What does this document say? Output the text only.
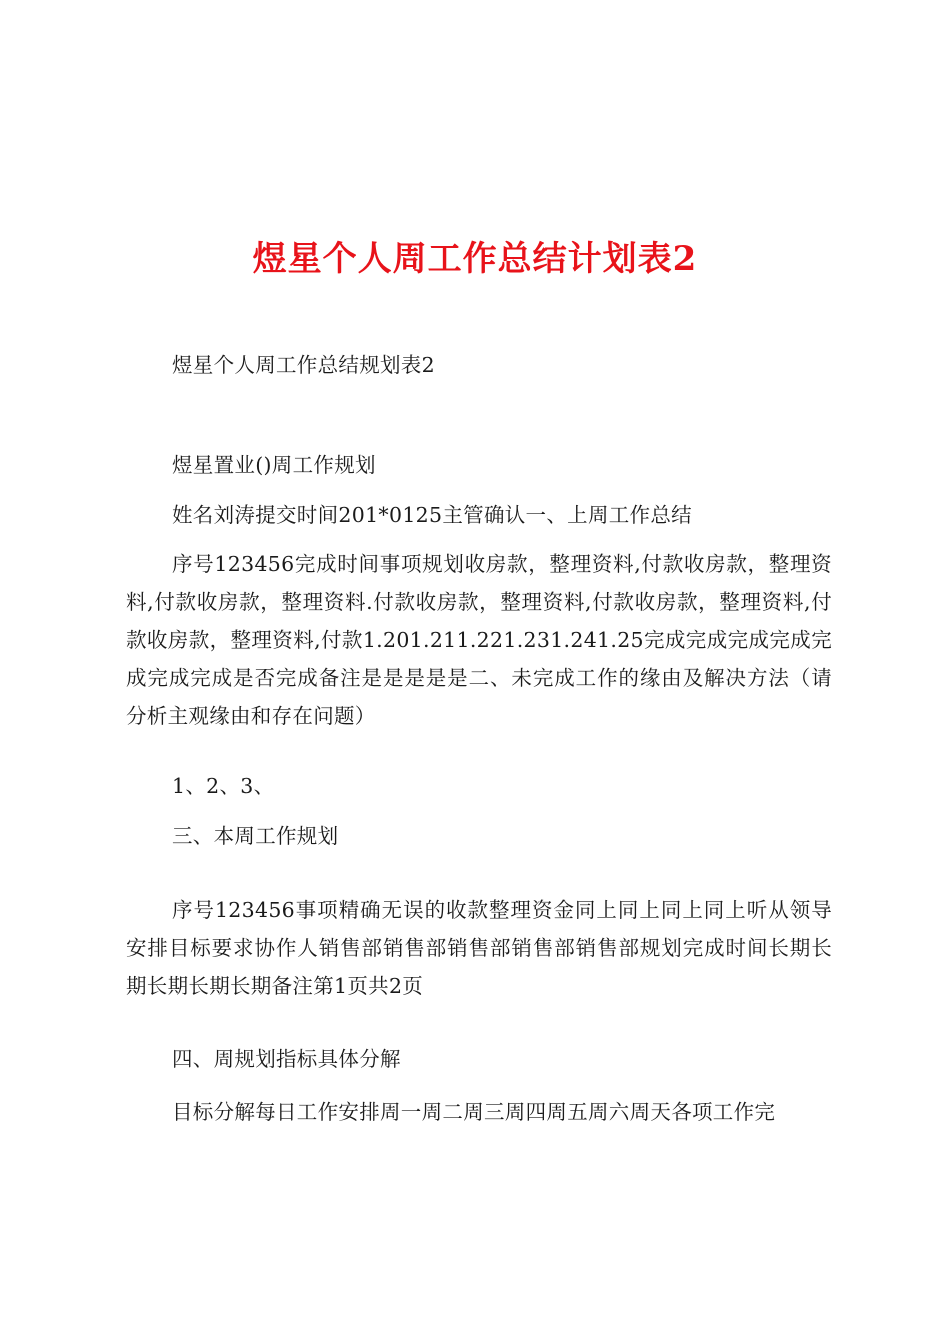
煜星个人周工作总结计划表2

煜星个人周工作总结规划表2

煜星置业()周工作规划

姓名刘涛提交时间201*0125主管确认一、上周工作总结

序号123456完成时间事项规划收房款，整理资料,付款收房款，整理资料,付款收房款，整理资料.付款收房款，整理资料,付款收房款，整理资料,付款收房款，整理资料,付款1.201.211.221.231.241.25完成完成完成完成完成完成完成是否完成备注是是是是是二、未完成工作的缘由及解决方法（请分析主观缘由和存在问题）

1、2、3、

三、本周工作规划

序号123456事项精确无误的收款整理资金同上同上同上同上听从领导安排目标要求协作人销售部销售部销售部销售部销售部规划完成时间长期长期长期长期长期备注第1页共2页

四、周规划指标具体分解

目标分解每日工作安排周一周二周三周四周五周六周天各项工作完
